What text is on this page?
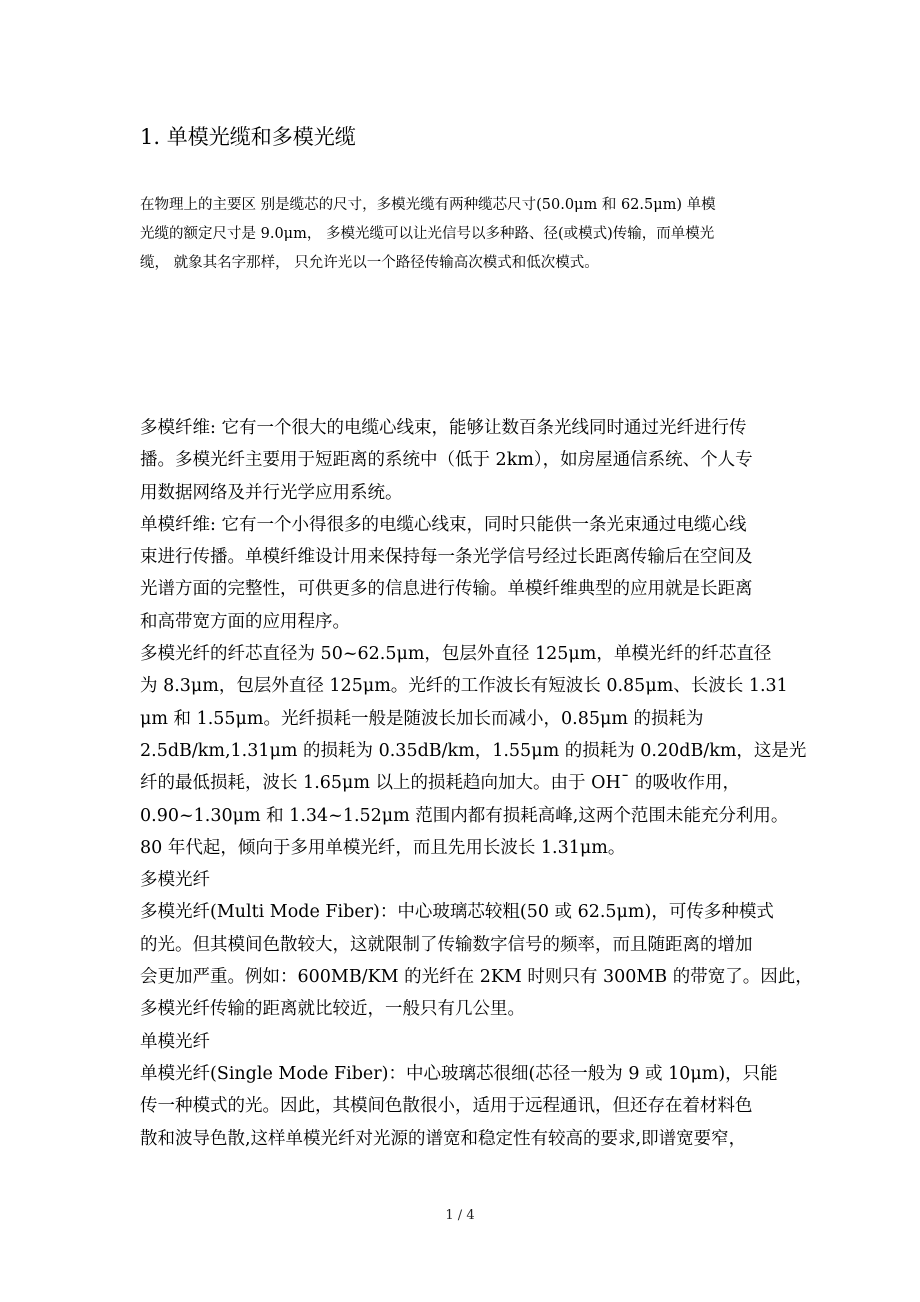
1. 单模光缆和多模光缆

在物理上的主要区 别是缆芯的尺寸，多模光缆有两种缆芯尺寸(50.0μm 和 62.5μm) 单模

光缆的额定尺寸是 9.0μm， 多模光缆可以让光信号以多种路、径(或模式)传输，而单模光

缆， 就象其名字那样， 只允许光以一个路径传输高次模式和低次模式。

多模纤维: 它有一个很大的电缆心线束，能够让数百条光线同时通过光纤进行传

播。多模光纤主要用于短距离的系统中（低于 2km），如房屋通信系统、个人专

用数据网络及并行光学应用系统。

单模纤维: 它有一个小得很多的电缆心线束，同时只能供一条光束通过电缆心线

束进行传播。单模纤维设计用来保持每一条光学信号经过长距离传输后在空间及

光谱方面的完整性，可供更多的信息进行传输。单模纤维典型的应用就是长距离

和高带宽方面的应用程序。

多模光纤的纤芯直径为 50~62.5μm，包层外直径 125μm，单模光纤的纤芯直径

为 8.3μm，包层外直径 125μm。光纤的工作波长有短波长 0.85μm、长波长 1.31

μm 和 1.55μm。光纤损耗一般是随波长加长而减小，0.85μm 的损耗为

2.5dB/km,1.31μm 的损耗为 0.35dB/km，1.55μm 的损耗为 0.20dB/km，这是光

纤的最低损耗，波长 1.65μm 以上的损耗趋向加大。由于 OH¯ 的吸收作用，

0.90~1.30μm 和 1.34~1.52μm 范围内都有损耗高峰,这两个范围未能充分利用。

80 年代起，倾向于多用单模光纤，而且先用长波长 1.31μm。

多模光纤

多模光纤(Multi Mode Fiber)：中心玻璃芯较粗(50 或 62.5μm)，可传多种模式

的光。但其模间色散较大，这就限制了传输数字信号的频率，而且随距离的增加

会更加严重。例如：600MB/KM 的光纤在 2KM 时则只有 300MB 的带宽了。因此，

多模光纤传输的距离就比较近，一般只有几公里。

单模光纤

单模光纤(Single Mode Fiber)：中心玻璃芯很细(芯径一般为 9 或 10μm)，只能

传一种模式的光。因此，其模间色散很小，适用于远程通讯，但还存在着材料色

散和波导色散,这样单模光纤对光源的谱宽和稳定性有较高的要求,即谱宽要窄，

1 / 4
